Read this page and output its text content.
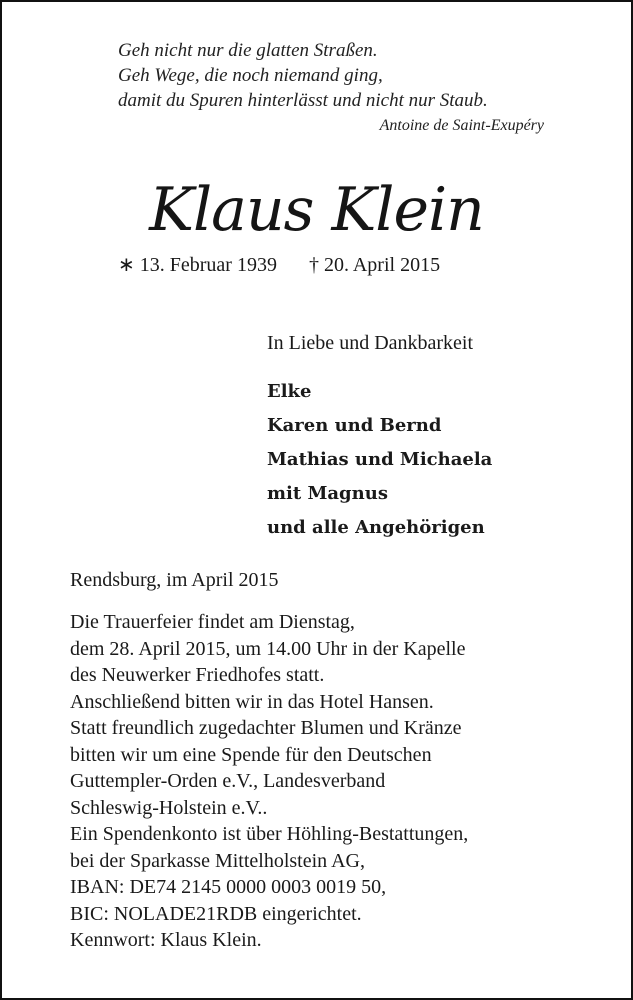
Geh nicht nur die glatten Straßen.
Geh Wege, die noch niemand ging,
damit du Spuren hinterlässt und nicht nur Staub.
Antoine de Saint-Exupéry
Klaus Klein
∗ 13. Februar 1939 † 20. April 2015
In Liebe und Dankbarkeit
Elke
Karen und Bernd
Mathias und Michaela
mit Magnus
und alle Angehörigen
Rendsburg, im April 2015
Die Trauerfeier findet am Dienstag,
dem 28. April 2015, um 14.00 Uhr in der Kapelle
des Neuwerker Friedhofes statt.
Anschließend bitten wir in das Hotel Hansen.
Statt freundlich zugedachter Blumen und Kränze
bitten wir um eine Spende für den Deutschen
Guttempler-Orden e.V., Landesverband
Schleswig-Holstein e.V..
Ein Spendenkonto ist über Höhling-Bestattungen,
bei der Sparkasse Mittelholstein AG,
IBAN: DE74 2145 0000 0003 0019 50,
BIC: NOLADE21RDB eingerichtet.
Kennwort: Klaus Klein.
